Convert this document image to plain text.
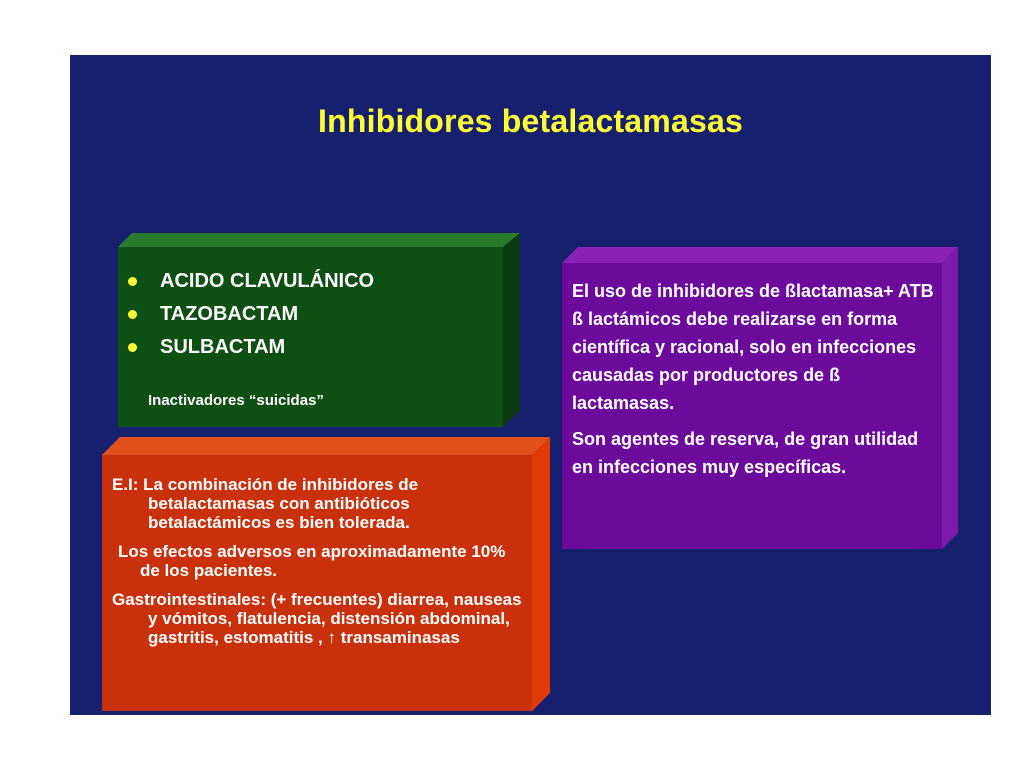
Inhibidores betalactamasas
ACIDO CLAVULÁNICO
TAZOBACTAM
SULBACTAM
Inactivadores “suicidas”

E.I: La combinación de inhibidores de betalactamasas con antibióticos betalactámicos es bien tolerada.

Los efectos adversos en aproximadamente 10% de los pacientes.

Gastrointestinales: (+ frecuentes) diarrea, nauseas y vómitos, flatulencia, distensión abdominal, gastritis, estomatitis , ↑ transaminasas

El uso de inhibidores de ßlactamasa+ ATB ß lactámicos debe realizarse en forma científica y racional, solo en infecciones causadas por productores de ß lactamasas.

Son agentes de reserva, de gran utilidad en infecciones muy específicas.
